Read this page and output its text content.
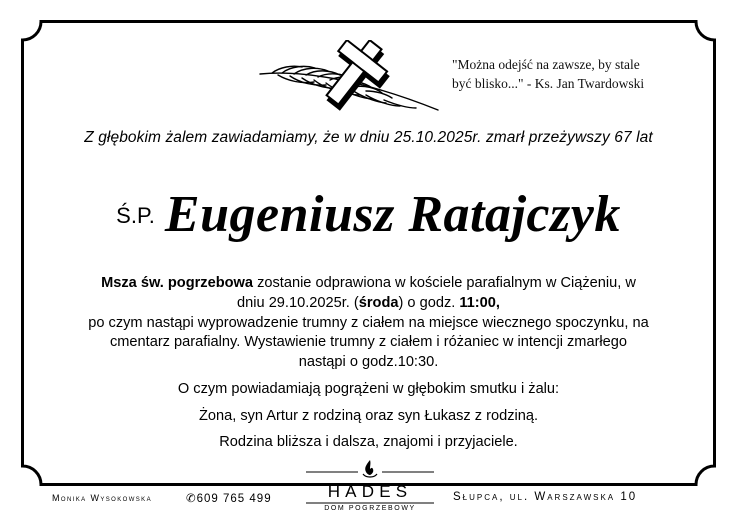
"Można odejść na zawsze, by stale
być blisko..." - Ks. Jan Twardowski
Z głębokim żalem zawiadamiamy, że w dniu 25.10.2025r. zmarł przeżywszy 67 lat
Ś.P. Eugeniusz Ratajczyk
Msza św. pogrzebowa zostanie odprawiona w kościele parafialnym w Ciążeniu, w
dniu 29.10.2025r. (środa) o godz. 11:00,
po czym nastąpi wyprowadzenie trumny z ciałem na miejsce wiecznego spoczynku, na
cmentarz parafialny. Wystawienie trumny z ciałem i różaniec w intencji zmarłego
nastąpi o godz.10:30.
O czym powiadamiają pogrążeni w głębokim smutku i żalu:
Żona, syn Artur z rodziną oraz syn Łukasz z rodziną.
Rodzina bliższa i dalsza, znajomi i przyjaciele.
Monika Wysokowska	✆609 765 499	HADES
DOM POGRZEBOWY
Słupca, ul. Warszawska 10
